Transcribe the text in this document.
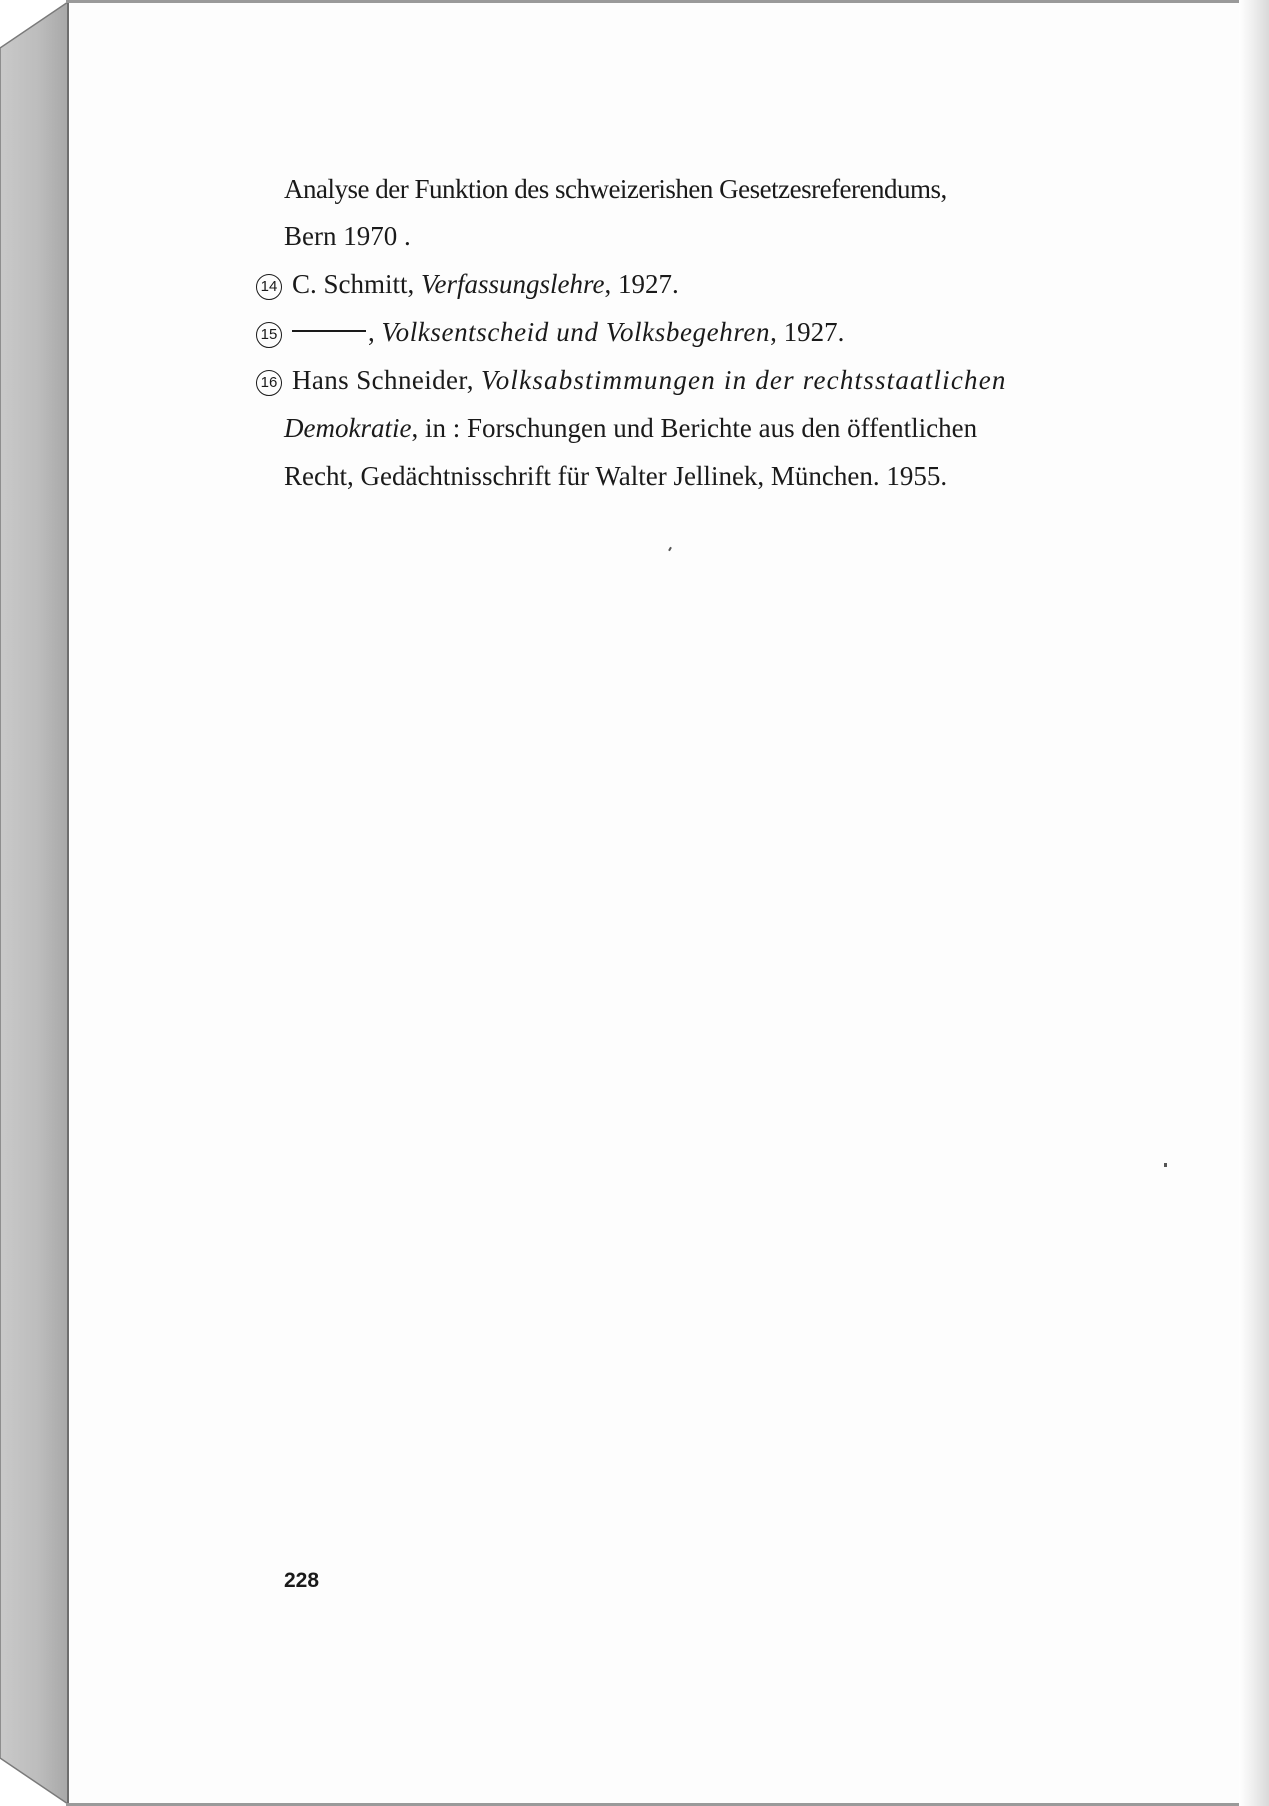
Analyse der Funktion des schweizerishen Gesetzesreferendums,
Bern 1970 .
14 C. Schmitt, Verfassungslehre, 1927.
15	, Volksentscheid und Volksbegehren, 1927.
16 Hans Schneider, Volksabstimmungen in der rechtsstaatlichen
Demokratie, in : Forschungen und Berichte aus den öffentlichen
Recht, Gedächtnisschrift für Walter Jellinek, München. 1955.
228
